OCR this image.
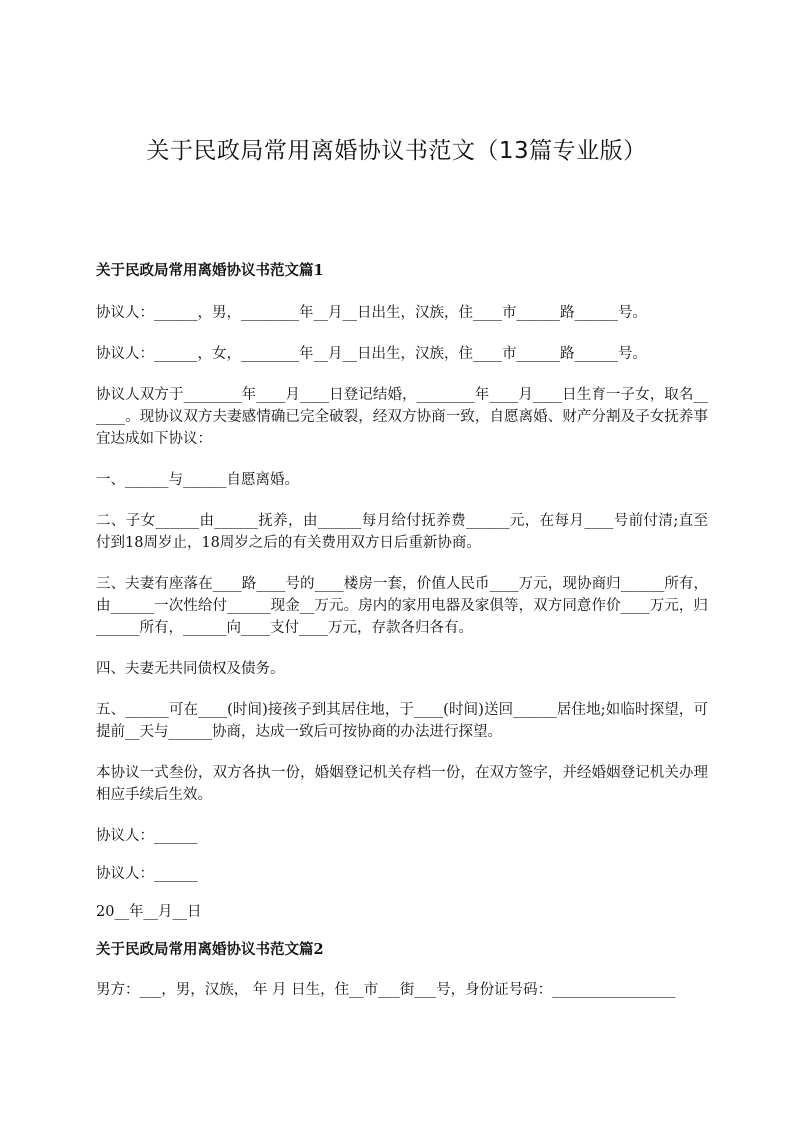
关于民政局常用离婚协议书范文（13篇专业版）

关于民政局常用离婚协议书范文篇1

协议人：______，男，________年__月__日出生，汉族，住____市______路______号。

协议人：______，女，________年__月__日出生，汉族，住____市______路______号。

协议人双方于________年____月____日登记结婚，________年____月____日生育一子女，取名______。现协议双方夫妻感情确已完全破裂，经双方协商一致，自愿离婚、财产分割及子女抚养事宜达成如下协议：

一、______与______自愿离婚。

二、子女______由______抚养，由______每月给付抚养费______元，在每月____号前付清;直至付到18周岁止，18周岁之后的有关费用双方日后重新协商。

三、夫妻有座落在____路____号的____楼房一套，价值人民币____万元，现协商归______所有，由______一次性给付______现金__万元。房内的家用电器及家俱等，双方同意作价____万元，归______所有，______向____支付____万元，存款各归各有。

四、夫妻无共同债权及债务。

五、______可在____(时间)接孩子到其居住地，于____(时间)送回______居住地;如临时探望，可提前__天与______协商，达成一致后可按协商的办法进行探望。

本协议一式叁份，双方各执一份，婚姻登记机关存档一份，在双方签字，并经婚姻登记机关办理相应手续后生效。

协议人：______

协议人：______

20__年__月__日

关于民政局常用离婚协议书范文篇2

男方：___，男，汉族， 年 月 日生，住__市___街___号，身份证号码：_________________
